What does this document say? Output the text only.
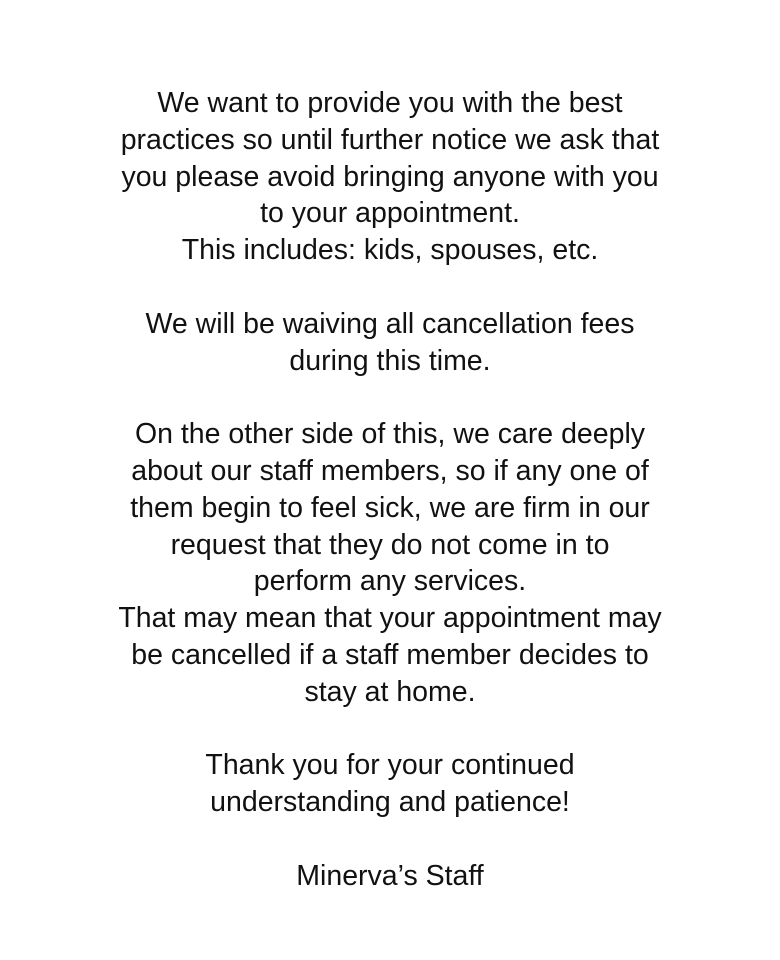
We want to provide you with the best
practices so until further notice we ask that
you please avoid bringing anyone with you
to your appointment.
This includes: kids, spouses, etc.
We will be waiving all cancellation fees
during this time.
On the other side of this, we care deeply
about our staff members, so if any one of
them begin to feel sick, we are firm in our
request that they do not come in to
perform any services.
That may mean that your appointment may
be cancelled if a staff member decides to
stay at home.
Thank you for your continued
understanding and patience!
Minerva’s Staff
